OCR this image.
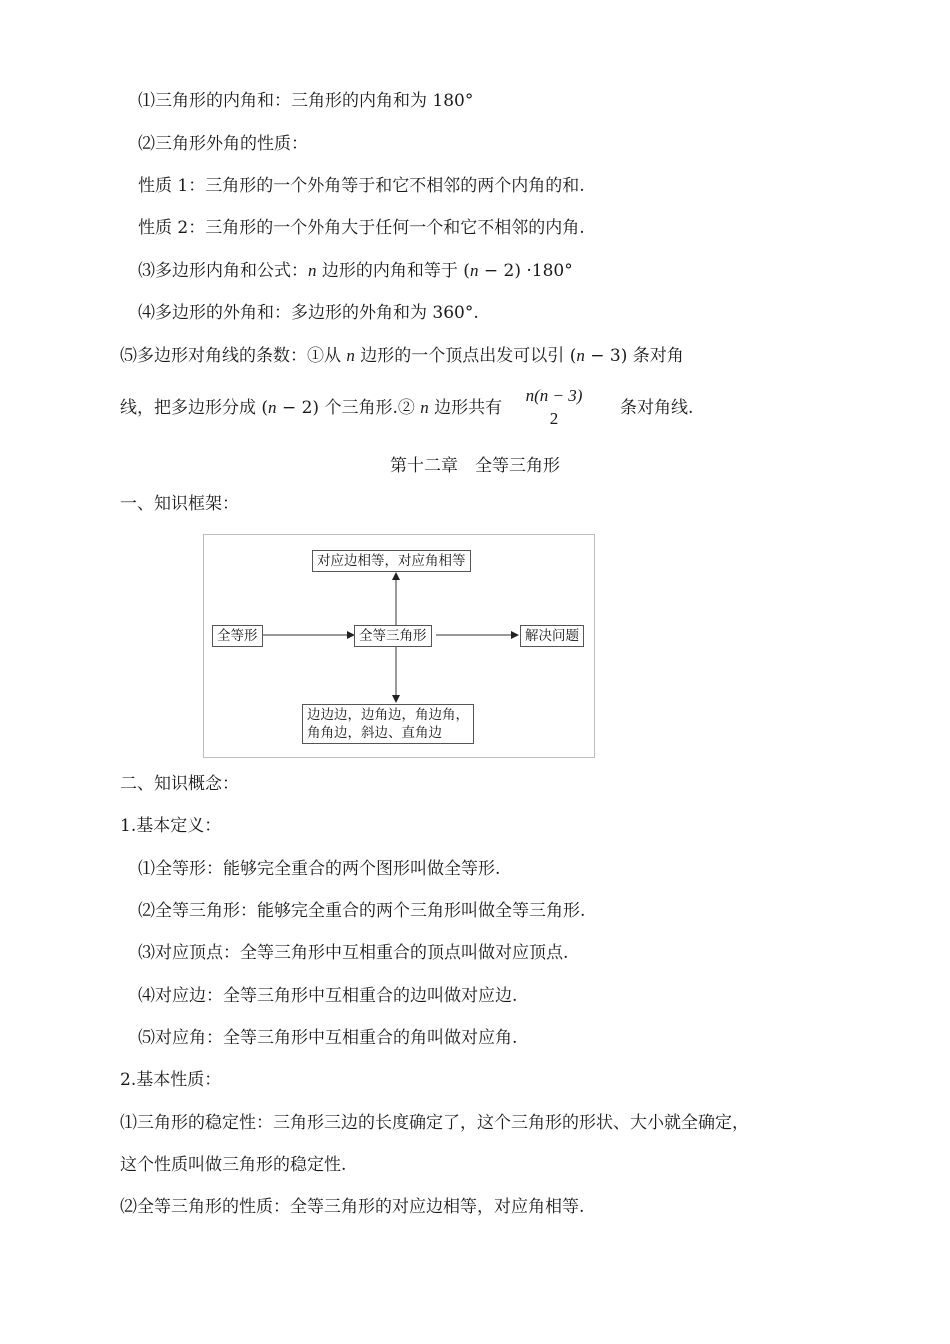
⑴三角形的内角和：三角形的内角和为 180°
⑵三角形外角的性质：
性质 1：三角形的一个外角等于和它不相邻的两个内角的和.
性质 2：三角形的一个外角大于任何一个和它不相邻的内角.
⑶多边形内角和公式：n 边形的内角和等于 (n − 2) ·180°
⑷多边形的外角和：多边形的外角和为 360°.
⑸多边形对角线的条数：①从 n 边形的一个顶点出发可以引 (n − 3) 条对角
线，把多边形分成 (n − 2) 个三角形.② n 边形共有
n(n − 3)
2
条对角线.
第十二章　全等三角形
一、知识框架：
对应边相等，对应角相等
全等形	全等三角形	解决问题
边边边，边角边，角边角，
角角边，斜边、直角边
二、知识概念：
1.基本定义：
⑴全等形：能够完全重合的两个图形叫做全等形.
⑵全等三角形：能够完全重合的两个三角形叫做全等三角形.
⑶对应顶点：全等三角形中互相重合的顶点叫做对应顶点.
⑷对应边：全等三角形中互相重合的边叫做对应边.
⑸对应角：全等三角形中互相重合的角叫做对应角.
2.基本性质：
⑴三角形的稳定性：三角形三边的长度确定了，这个三角形的形状、大小就全确定，
这个性质叫做三角形的稳定性.
⑵全等三角形的性质：全等三角形的对应边相等，对应角相等.
